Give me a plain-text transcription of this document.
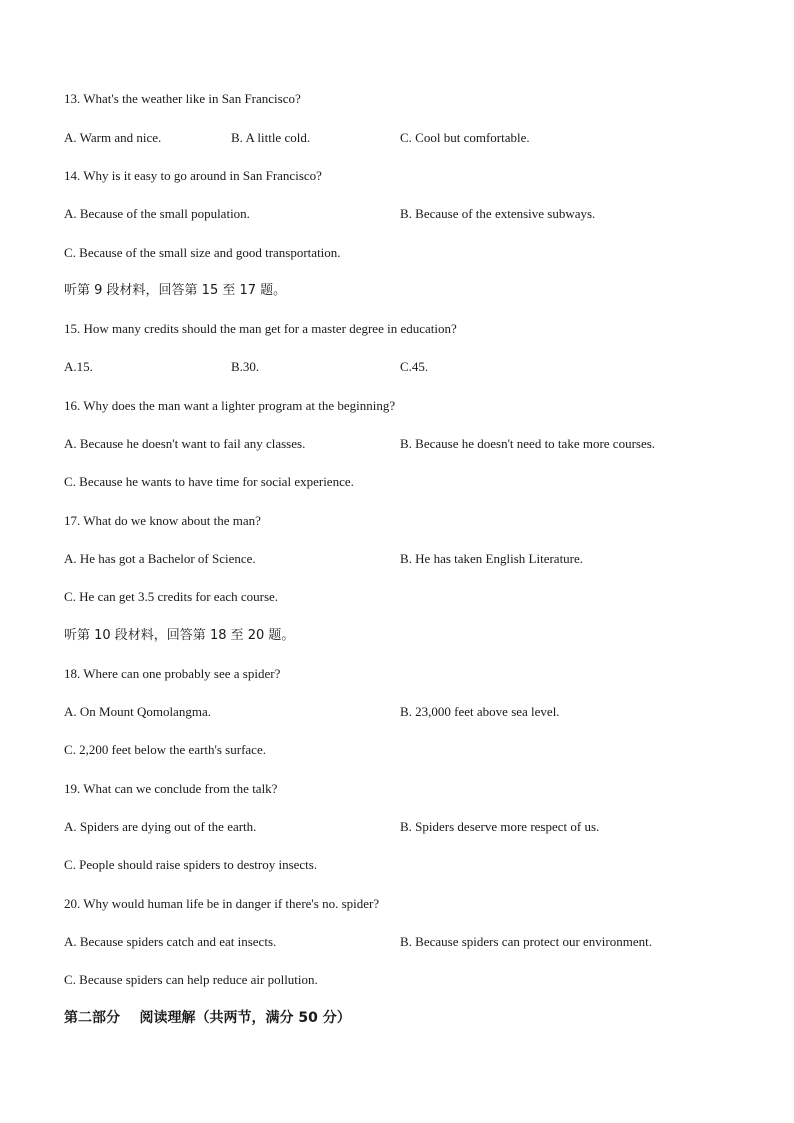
13. What's the weather like in San Francisco?
A. Warm and nice.	B. A little cold.	C. Cool but comfortable.
14. Why is it easy to go around in San Francisco?
A. Because of the small population.	B. Because of the extensive subways.
C. Because of the small size and good transportation.
听第 9 段材料，回答第 15 至 17 题。
15. How many credits should the man get for a master degree in education?
A.15.	B.30.	C.45.
16. Why does the man want a lighter program at the beginning?
A. Because he doesn't want to fail any classes.	B. Because he doesn't need to take more courses.
C. Because he wants to have time for social experience.
17. What do we know about the man?
A. He has got a Bachelor of Science.	B. He has taken English Literature.
C. He can get 3.5 credits for each course.
听第 10 段材料，回答第 18 至 20 题。
18. Where can one probably see a spider?
A. On Mount Qomolangma.	B. 23,000 feet above sea level.
C. 2,200 feet below the earth's surface.
19. What can we conclude from the talk?
A. Spiders are dying out of the earth.	B. Spiders deserve more respect of us.
C. People should raise spiders to destroy insects.
20. Why would human life be in danger if there's no. spider?
A. Because spiders catch and eat insects.	B. Because spiders can protect our environment.
C. Because spiders can help reduce air pollution.
第二部分    阅读理解（共两节，满分 50 分）
